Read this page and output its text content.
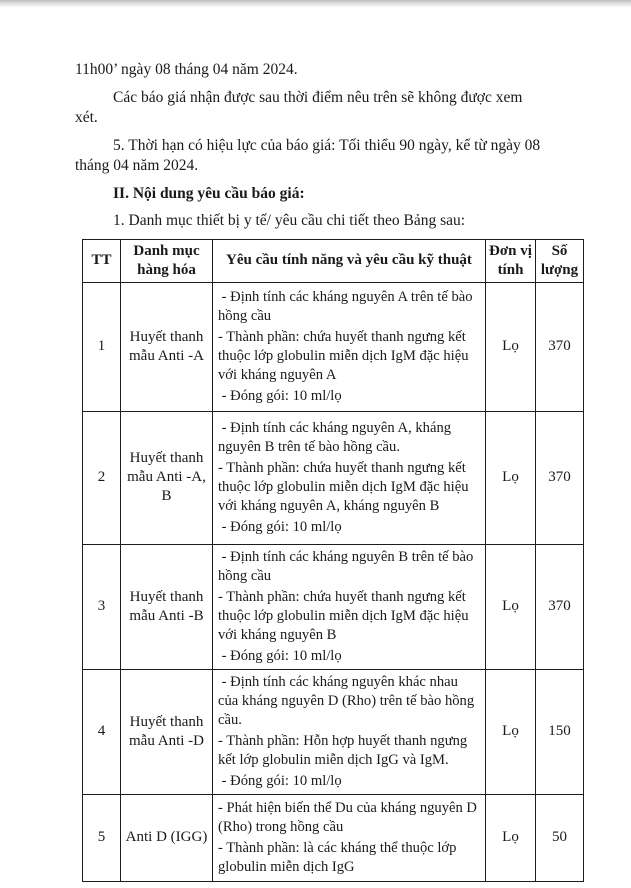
11h00’ ngày 08 tháng 04 năm 2024.

Các báo giá nhận được sau thời điểm nêu trên sẽ không được xem xét.

5. Thời hạn có hiệu lực của báo giá: Tối thiểu 90 ngày, kể từ ngày 08 tháng 04 năm 2024.

II. Nội dung yêu cầu báo giá:

1. Danh mục thiết bị y tế/ yêu cầu chi tiết theo Bảng sau:

TT	Danh mục hàng hóa	Yêu cầu tính năng và yêu cầu kỹ thuật	Đơn vị tính	Số lượng
1	Huyết thanh mẫu Anti -A	- Định tính các kháng nguyên A trên tế bào hồng cầu
- Thành phần: chứa huyết thanh ngưng kết thuộc lớp globulin miễn dịch IgM đặc hiệu với kháng nguyên A
- Đóng gói: 10 ml/lọ	Lọ	370
2	Huyết thanh mẫu Anti -A, B	- Định tính các kháng nguyên A, kháng nguyên B trên tế bào hồng cầu.
- Thành phần: chứa huyết thanh ngưng kết thuộc lớp globulin miễn dịch IgM đặc hiệu với kháng nguyên A, kháng nguyên B
- Đóng gói: 10 ml/lọ	Lọ	370
3	Huyết thanh mẫu Anti -B	- Định tính các kháng nguyên B trên tế bào hồng cầu
- Thành phần: chứa huyết thanh ngưng kết thuộc lớp globulin miễn dịch IgM đặc hiệu với kháng nguyên B
- Đóng gói: 10 ml/lọ	Lọ	370
4	Huyết thanh mẫu Anti -D	- Định tính các kháng nguyên khác nhau của kháng nguyên D (Rho) trên tế bào hồng cầu.
- Thành phần: Hỗn hợp huyết thanh ngưng kết lớp globulin miễn dịch IgG và IgM.
- Đóng gói: 10 ml/lọ	Lọ	150
5	Anti D (IGG)	- Phát hiện biến thể Du của kháng nguyên D (Rho) trong hồng cầu
- Thành phần: là các kháng thể thuộc lớp globulin miễn dịch IgG	Lọ	50
